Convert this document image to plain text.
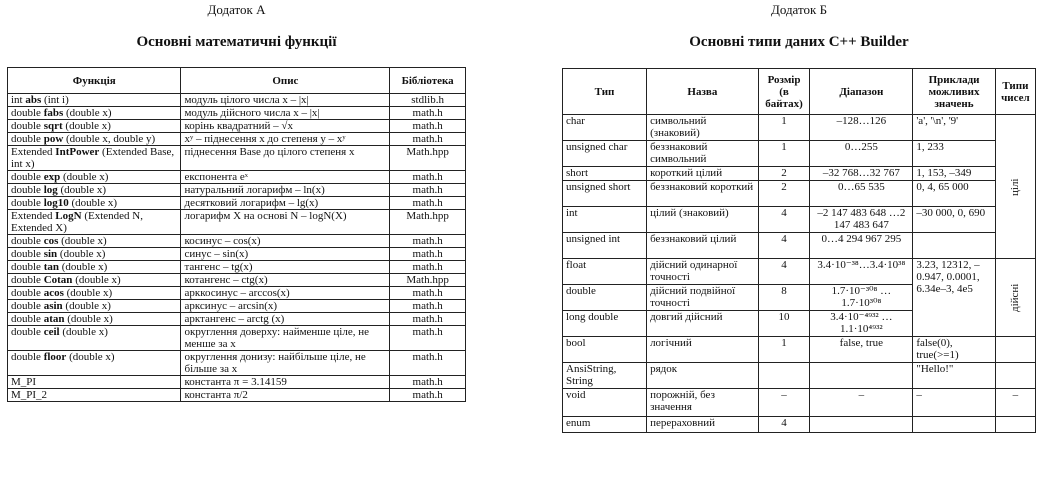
Додаток А
Основні математичні функції
Додаток Б
Основні типи даних C++ Builder
Функція	Опис	Бібліотека
int abs (int i)	модуль цілого числа x – |x|	stdlib.h
double fabs (double x)	модуль дійсного числа x – |x|	math.h
double sqrt (double x)	корінь квадратний – √x	math.h
double pow (double x, double y)	xʸ – піднесення x до степеня y – xʸ	math.h
Extended IntPower (Extended Base, int x)	піднесення Base до цілого степеня x	Math.hpp
double exp (double x)	експонента eˣ	math.h
double log (double x)	натуральний логарифм – ln(x)	math.h
double log10 (double x)	десятковий логарифм – lg(x)	math.h
Extended LogN (Extended N, Extended X)	логарифм X на основі N – logN(X)	Math.hpp
double cos (double x)	косинус – cos(x)	math.h
double sin (double x)	синус – sin(x)	math.h
double tan (double x)	тангенс – tg(x)	math.h
double Cotan (double x)	котангенс – ctg(x)	Math.hpp
double acos (double x)	арккосинус – arccos(x)	math.h
double asin (double x)	арксинус – arcsin(x)	math.h
double atan (double x)	арктангенс – arctg (x)	math.h
double ceil (double x)	округлення доверху: найменше ціле, не менше за x	math.h
double floor (double x)	округлення донизу: найбільше ціле, не більше за x	math.h
M_PI	константа π = 3.14159	math.h
M_PI_2	константа π/2	math.h
Тип	Назва	Розмір (в байтах)	Діапазон	Приклади можливих значень	Типи чисел
char	символьний (знаковий)	1	–128…126	'a', '\n', '9'	цілі
unsigned char	беззнаковий символьний	1	0…255	1, 233	
short	короткий цілий	2	–32 768…32 767	1, 153, –349	
unsigned short	беззнаковий короткий	2	0…65 535	0, 4, 65 000	
int	цілий (знаковий)	4	–2 147 483 648 …2 147 483 647	–30 000, 0, 690	
unsigned int	беззнаковий цілий	4	0…4 294 967 295		
float	дійсний одинарної точності	4	3.4·10⁻³⁸…3.4·10³⁸	3.23, 12312, –0.947, 0.0001, 6.34e–3, 4e5	дійсні
double	дійсний подвійної точності	8	1.7·10⁻³⁰⁸ …1.7·10³⁰⁸		
long double	довгий дійсний	10	3.4·10⁻⁴⁹³² …1.1·10⁴⁹³²		
bool	логічний	1	false, true	false(0), true(>=1)	
AnsiString, String	рядок			"Hello!"	
void	порожній, без значення	–	–	–	–
enum	перераховний	4			
